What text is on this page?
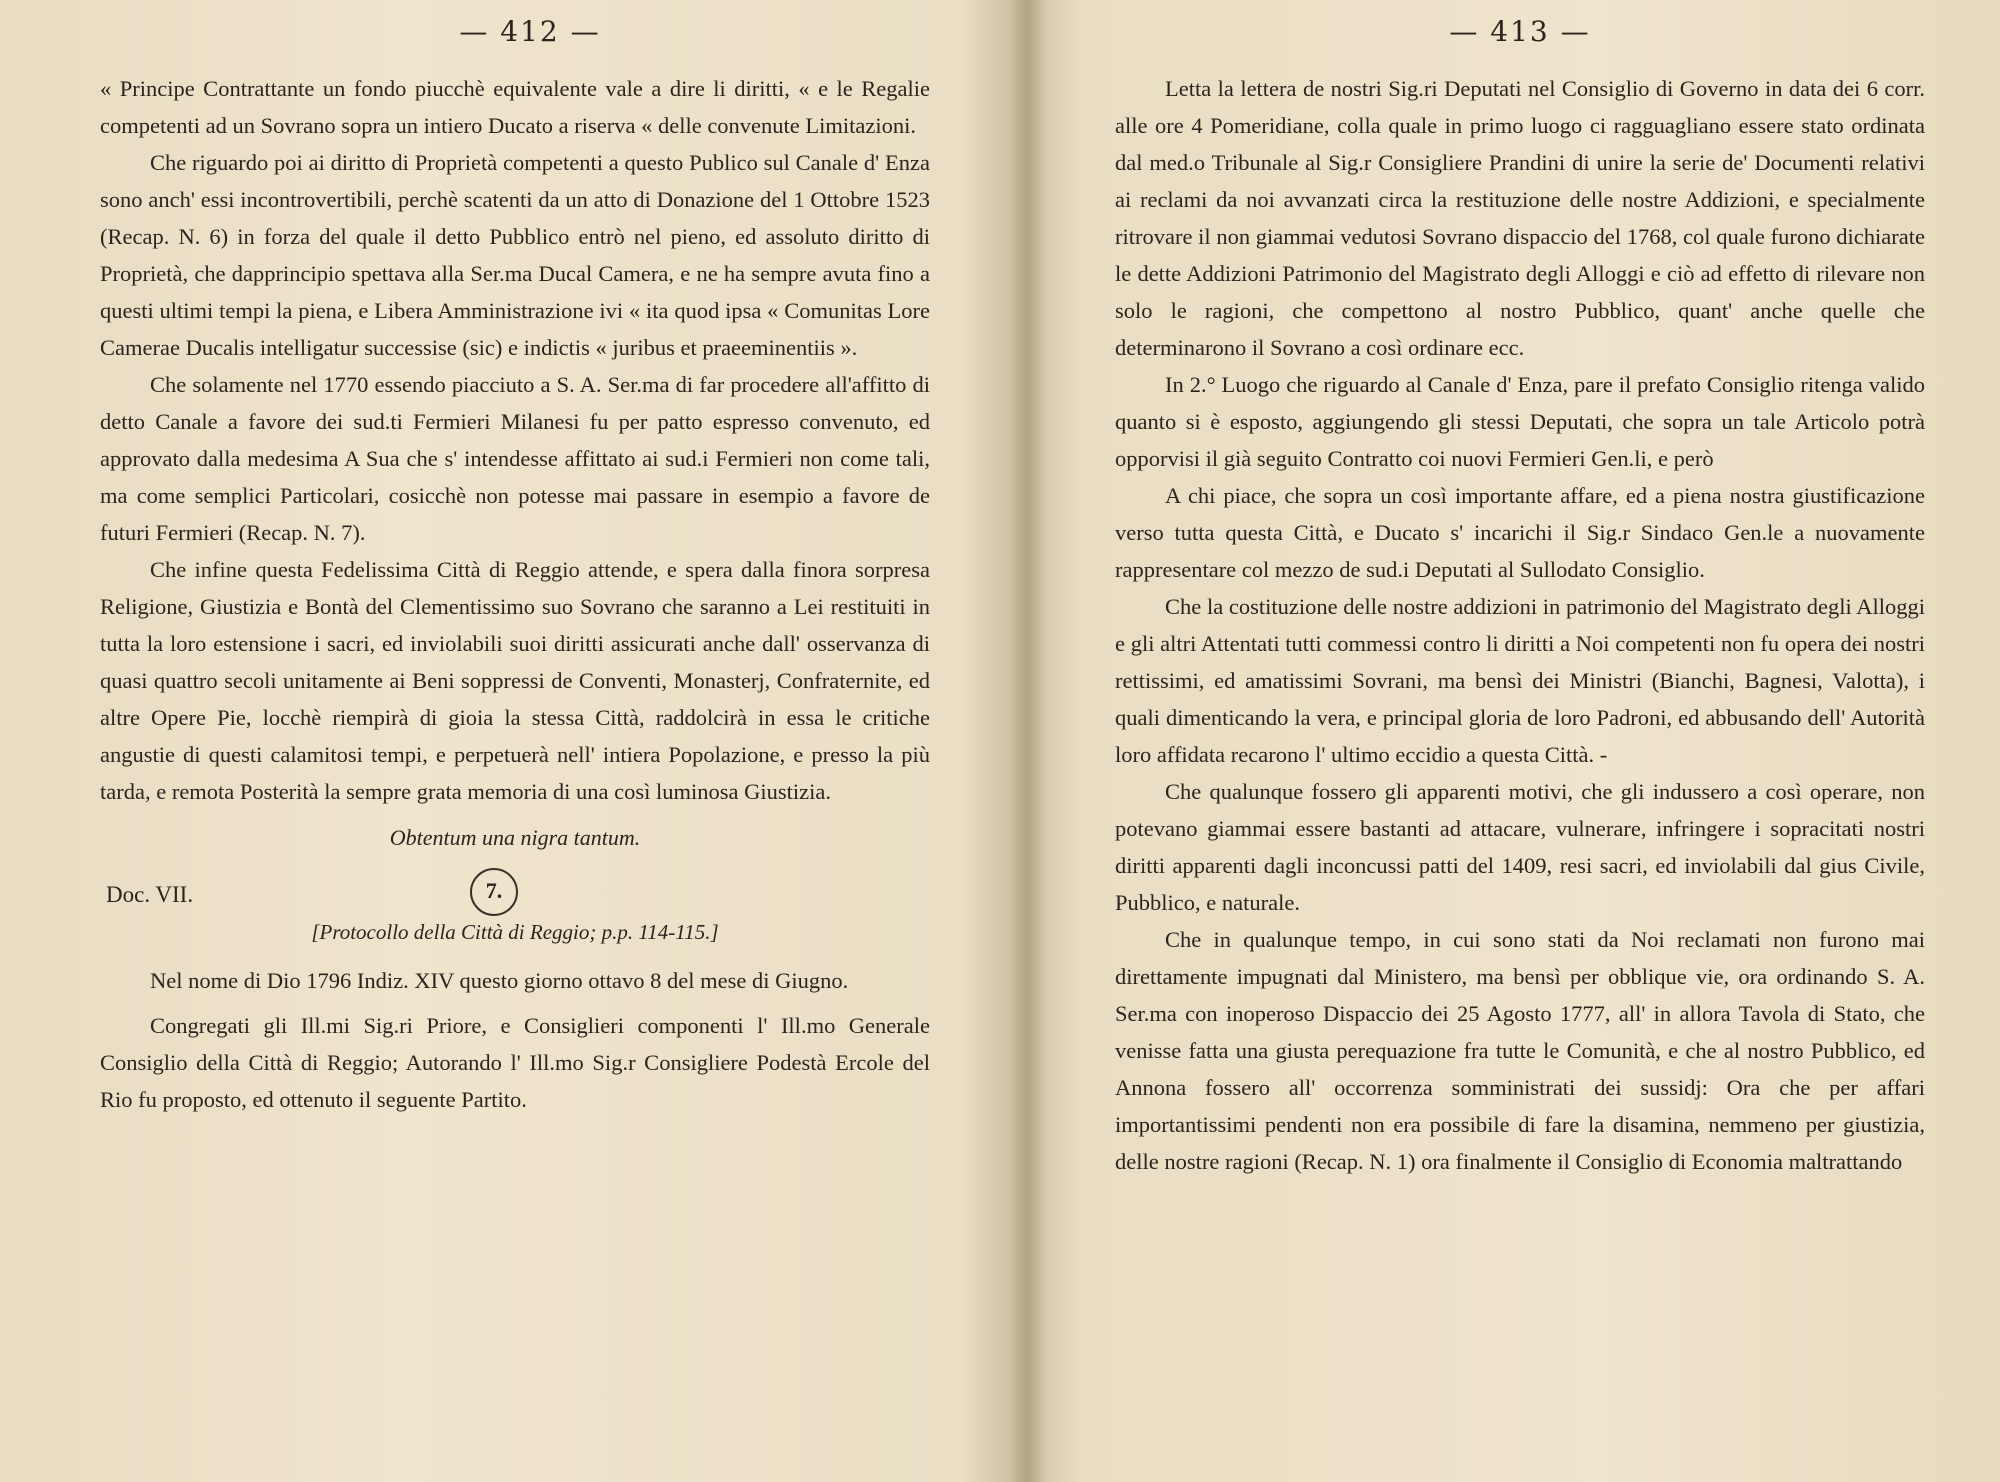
— 412 —

« Principe Contrattante un fondo piucchè equivalente vale a dire li diritti, « e le Regalie competenti ad un Sovrano sopra un intiero Ducato a riserva « delle convenute Limitazioni.

Che riguardo poi ai diritto di Proprietà competenti a questo Publico sul Canale d' Enza sono anch' essi incontrovertibili, perchè scatenti da un atto di Donazione del 1 Ottobre 1523 (Recap. N. 6) in forza del quale il detto Pubblico entrò nel pieno, ed assoluto diritto di Proprietà, che dapprincipio spettava alla Ser.ma Ducal Camera, e ne ha sempre avuta fino a questi ultimi tempi la piena, e Libera Amministrazione ivi « ita quod ipsa « Comunitas Lore Camerae Ducalis intelligatur successise (sic) e indictis « juribus et praeeminentiis ».

Che solamente nel 1770 essendo piacciuto a S. A. Ser.ma di far procedere all'affitto di detto Canale a favore dei sud.ti Fermieri Milanesi fu per patto espresso convenuto, ed approvato dalla medesima A Sua che s' intendesse affittato ai sud.i Fermieri non come tali, ma come semplici Particolari, cosicchè non potesse mai passare in esempio a favore de futuri Fermieri (Recap. N. 7).

Che infine questa Fedelissima Città di Reggio attende, e spera dalla finora sorpresa Religione, Giustizia e Bontà del Clementissimo suo Sovrano che saranno a Lei restituiti in tutta la loro estensione i sacri, ed inviolabili suoi diritti assicurati anche dall' osservanza di quasi quattro secoli unitamente ai Beni soppressi de Conventi, Monasterj, Confraternite, ed altre Opere Pie, locchè riempirà di gioia la stessa Città, raddolcirà in essa le critiche angustie di questi calamitosi tempi, e perpetuerà nell' intiera Popolazione, e presso la più tarda, e remota Posterità la sempre grata memoria di una così luminosa Giustizia.

Obtentum una nigra tantum.
Doc. VII.	7.
[Protocollo della Città di Reggio; p.p. 114-115.]

Nel nome di Dio 1796 Indiz. XIV questo giorno ottavo 8 del mese di Giugno.

Congregati gli Ill.mi Sig.ri Priore, e Consiglieri componenti l' Ill.mo Generale Consiglio della Città di Reggio; Autorando l' Ill.mo Sig.r Consigliere Podestà Ercole del Rio fu proposto, ed ottenuto il seguente Partito.

— 413 —

Letta la lettera de nostri Sig.ri Deputati nel Consiglio di Governo in data dei 6 corr. alle ore 4 Pomeridiane, colla quale in primo luogo ci ragguagliano essere stato ordinata dal med.o Tribunale al Sig.r Consigliere Prandini di unire la serie de' Documenti relativi ai reclami da noi avvanzati circa la restituzione delle nostre Addizioni, e specialmente ritrovare il non giammai vedutosi Sovrano dispaccio del 1768, col quale furono dichiarate le dette Addizioni Patrimonio del Magistrato degli Alloggi e ciò ad effetto di rilevare non solo le ragioni, che compettono al nostro Pubblico, quant' anche quelle che determinarono il Sovrano a così ordinare ecc.

In 2.° Luogo che riguardo al Canale d' Enza, pare il prefato Consiglio ritenga valido quanto si è esposto, aggiungendo gli stessi Deputati, che sopra un tale Articolo potrà opporvisi il già seguito Contratto coi nuovi Fermieri Gen.li, e però

A chi piace, che sopra un così importante affare, ed a piena nostra giustificazione verso tutta questa Città, e Ducato s' incarichi il Sig.r Sindaco Gen.le a nuovamente rappresentare col mezzo de sud.i Deputati al Sullodato Consiglio.

Che la costituzione delle nostre addizioni in patrimonio del Magistrato degli Alloggi e gli altri Attentati tutti commessi contro li diritti a Noi competenti non fu opera dei nostri rettissimi, ed amatissimi Sovrani, ma bensì dei Ministri (Bianchi, Bagnesi, Valotta), i quali dimenticando la vera, e principal gloria de loro Padroni, ed abbusando dell' Autorità loro affidata recarono l' ultimo eccidio a questa Città. -

Che qualunque fossero gli apparenti motivi, che gli indussero a così operare, non potevano giammai essere bastanti ad attacare, vulnerare, infringere i sopracitati nostri diritti apparenti dagli inconcussi patti del 1409, resi sacri, ed inviolabili dal gius Civile, Pubblico, e naturale.

Che in qualunque tempo, in cui sono stati da Noi reclamati non furono mai direttamente impugnati dal Ministero, ma bensì per obblique vie, ora ordinando S. A. Ser.ma con inoperoso Dispaccio dei 25 Agosto 1777, all' in allora Tavola di Stato, che venisse fatta una giusta perequazione fra tutte le Comunità, e che al nostro Pubblico, ed Annona fossero all' occorrenza somministrati dei sussidj: Ora che per affari importantissimi pendenti non era possibile di fare la disamina, nemmeno per giustizia, delle nostre ragioni (Recap. N. 1) ora finalmente il Consiglio di Economia maltrattando
